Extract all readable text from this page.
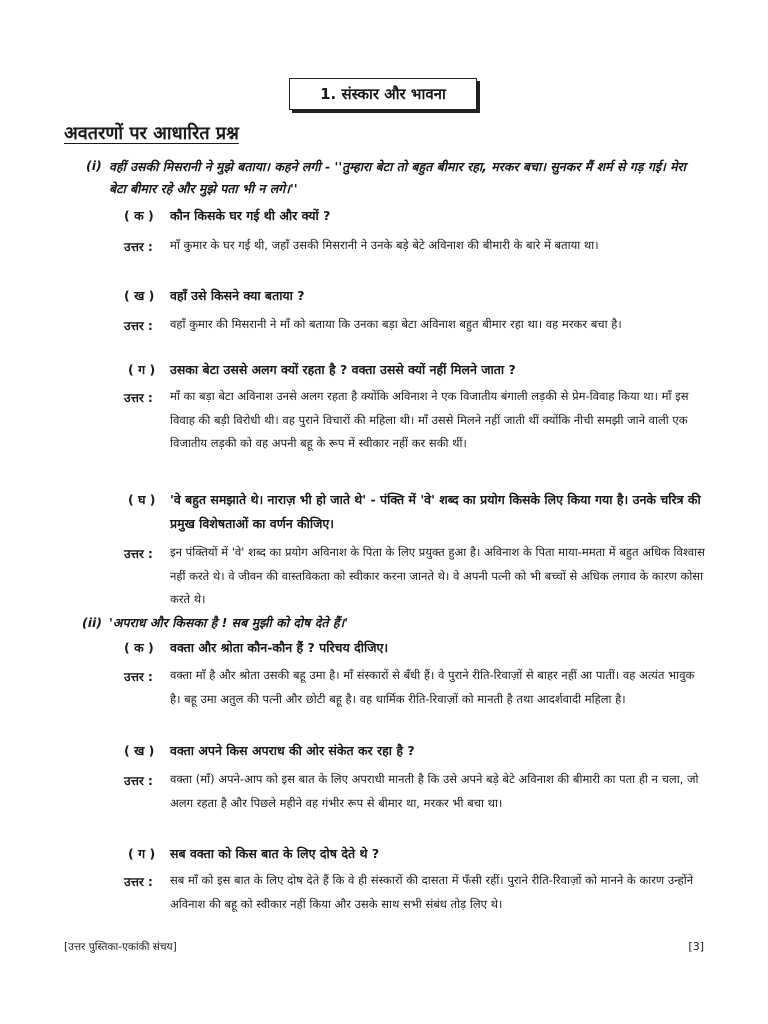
1. संस्कार और भावना
अवतरणों पर आधारित प्रश्न
(i) वहीं उसकी मिसरानी ने मुझे बताया। कहने लगी - ''तुम्हारा बेटा तो बहुत बीमार रहा, मरकर बचा। सुनकर मैं शर्म से गड़ गई। मेरा बेटा बीमार रहे और मुझे पता भी न लगे।''
( क ) कौन किसके घर गई थी और क्यों ?
उत्तर : माँ कुमार के घर गई थी, जहाँ उसकी मिसरानी ने उनके बड़े बेटे अविनाश की बीमारी के बारे में बताया था।
( ख ) वहाँ उसे किसने क्या बताया ?
उत्तर : वहाँ कुमार की मिसरानी ने माँ को बताया कि उनका बड़ा बेटा अविनाश बहुत बीमार रहा था। वह मरकर बचा है।
( ग ) उसका बेटा उससे अलग क्यों रहता है ? वक्ता उससे क्यों नहीं मिलने जाता ?
उत्तर : माँ का बड़ा बेटा अविनाश उनसे अलग रहता है क्योंकि अविनाश ने एक विजातीय बंगाली लड़की से प्रेम-विवाह किया था। माँ इस विवाह की बड़ी विरोधी थी। वह पुराने विचारों की महिला थी। माँ उससे मिलने नहीं जाती थीं क्योंकि नीची समझी जाने वाली एक विजातीय लड़की को वह अपनी बहू के रूप में स्वीकार नहीं कर सकी थीं।
( घ ) 'वे बहुत समझाते थे। नाराज़ भी हो जाते थे' - पंक्ति में 'वे' शब्द का प्रयोग किसके लिए किया गया है। उनके चरित्र की प्रमुख विशेषताओं का वर्णन कीजिए।
उत्तर : इन पंक्तियों में 'वे' शब्द का प्रयोग अविनाश के पिता के लिए प्रयुक्त हुआ है। अविनाश के पिता माया-ममता में बहुत अधिक विश्वास नहीं करते थे। वे जीवन की वास्तविकता को स्वीकार करना जानते थे। वे अपनी पत्नी को भी बच्चों से अधिक लगाव के कारण कोसा करते थे।
(ii) 'अपराध और किसका है ! सब मुझी को दोष देते हैं।'
( क ) वक्ता और श्रोता कौन-कौन हैं ? परिचय दीजिए।
उत्तर : वक्ता माँ है और श्रोता उसकी बहू उमा है। माँ संस्कारों से बँधी हैं। वे पुराने रीति-रिवाज़ों से बाहर नहीं आ पातीं। वह अत्यंत भावुक है। बहू उमा अतुल की पत्नी और छोटी बहू है। वह धार्मिक रीति-रिवाज़ों को मानती है तथा आदर्शवादी महिला है।
( ख ) वक्ता अपने किस अपराध की ओर संकेत कर रहा है ?
उत्तर : वक्ता (माँ) अपने-आप को इस बात के लिए अपराधी मानती है कि उसे अपने बड़े बेटे अविनाश की बीमारी का पता ही न चला, जो अलग रहता है और पिछले महीने वह गंभीर रूप से बीमार था, मरकर भी बचा था।
( ग ) सब वक्ता को किस बात के लिए दोष देते थे ?
उत्तर : सब माँ को इस बात के लिए दोष देते हैं कि वे ही संस्कारों की दासता में फँसी रहीं। पुराने रीति-रिवाज़ों को मानने के कारण उन्होंने अविनाश की बहू को स्वीकार नहीं किया और उसके साथ सभी संबंध तोड़ लिए थे।
[उत्तर पुस्तिका-एकांकी संचय]	[3]
